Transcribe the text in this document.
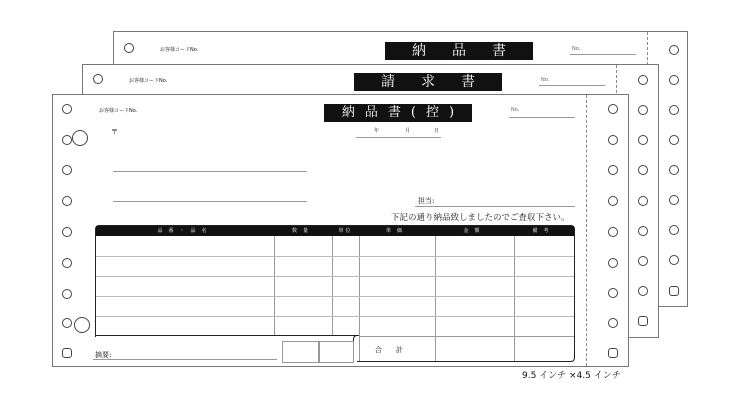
お客様コードNo.	納品書	No.
お客様コードNo.	請求書	No.
お客様コードNo.	納品書(控)	No.
〒	年	月	日
担当:
下記の通り納品致しましたのでご査収下さい。
品番・品名	数量	単位	単価	金額	備考
合計
摘要:
9.5 インチ ×4.5 インチ
